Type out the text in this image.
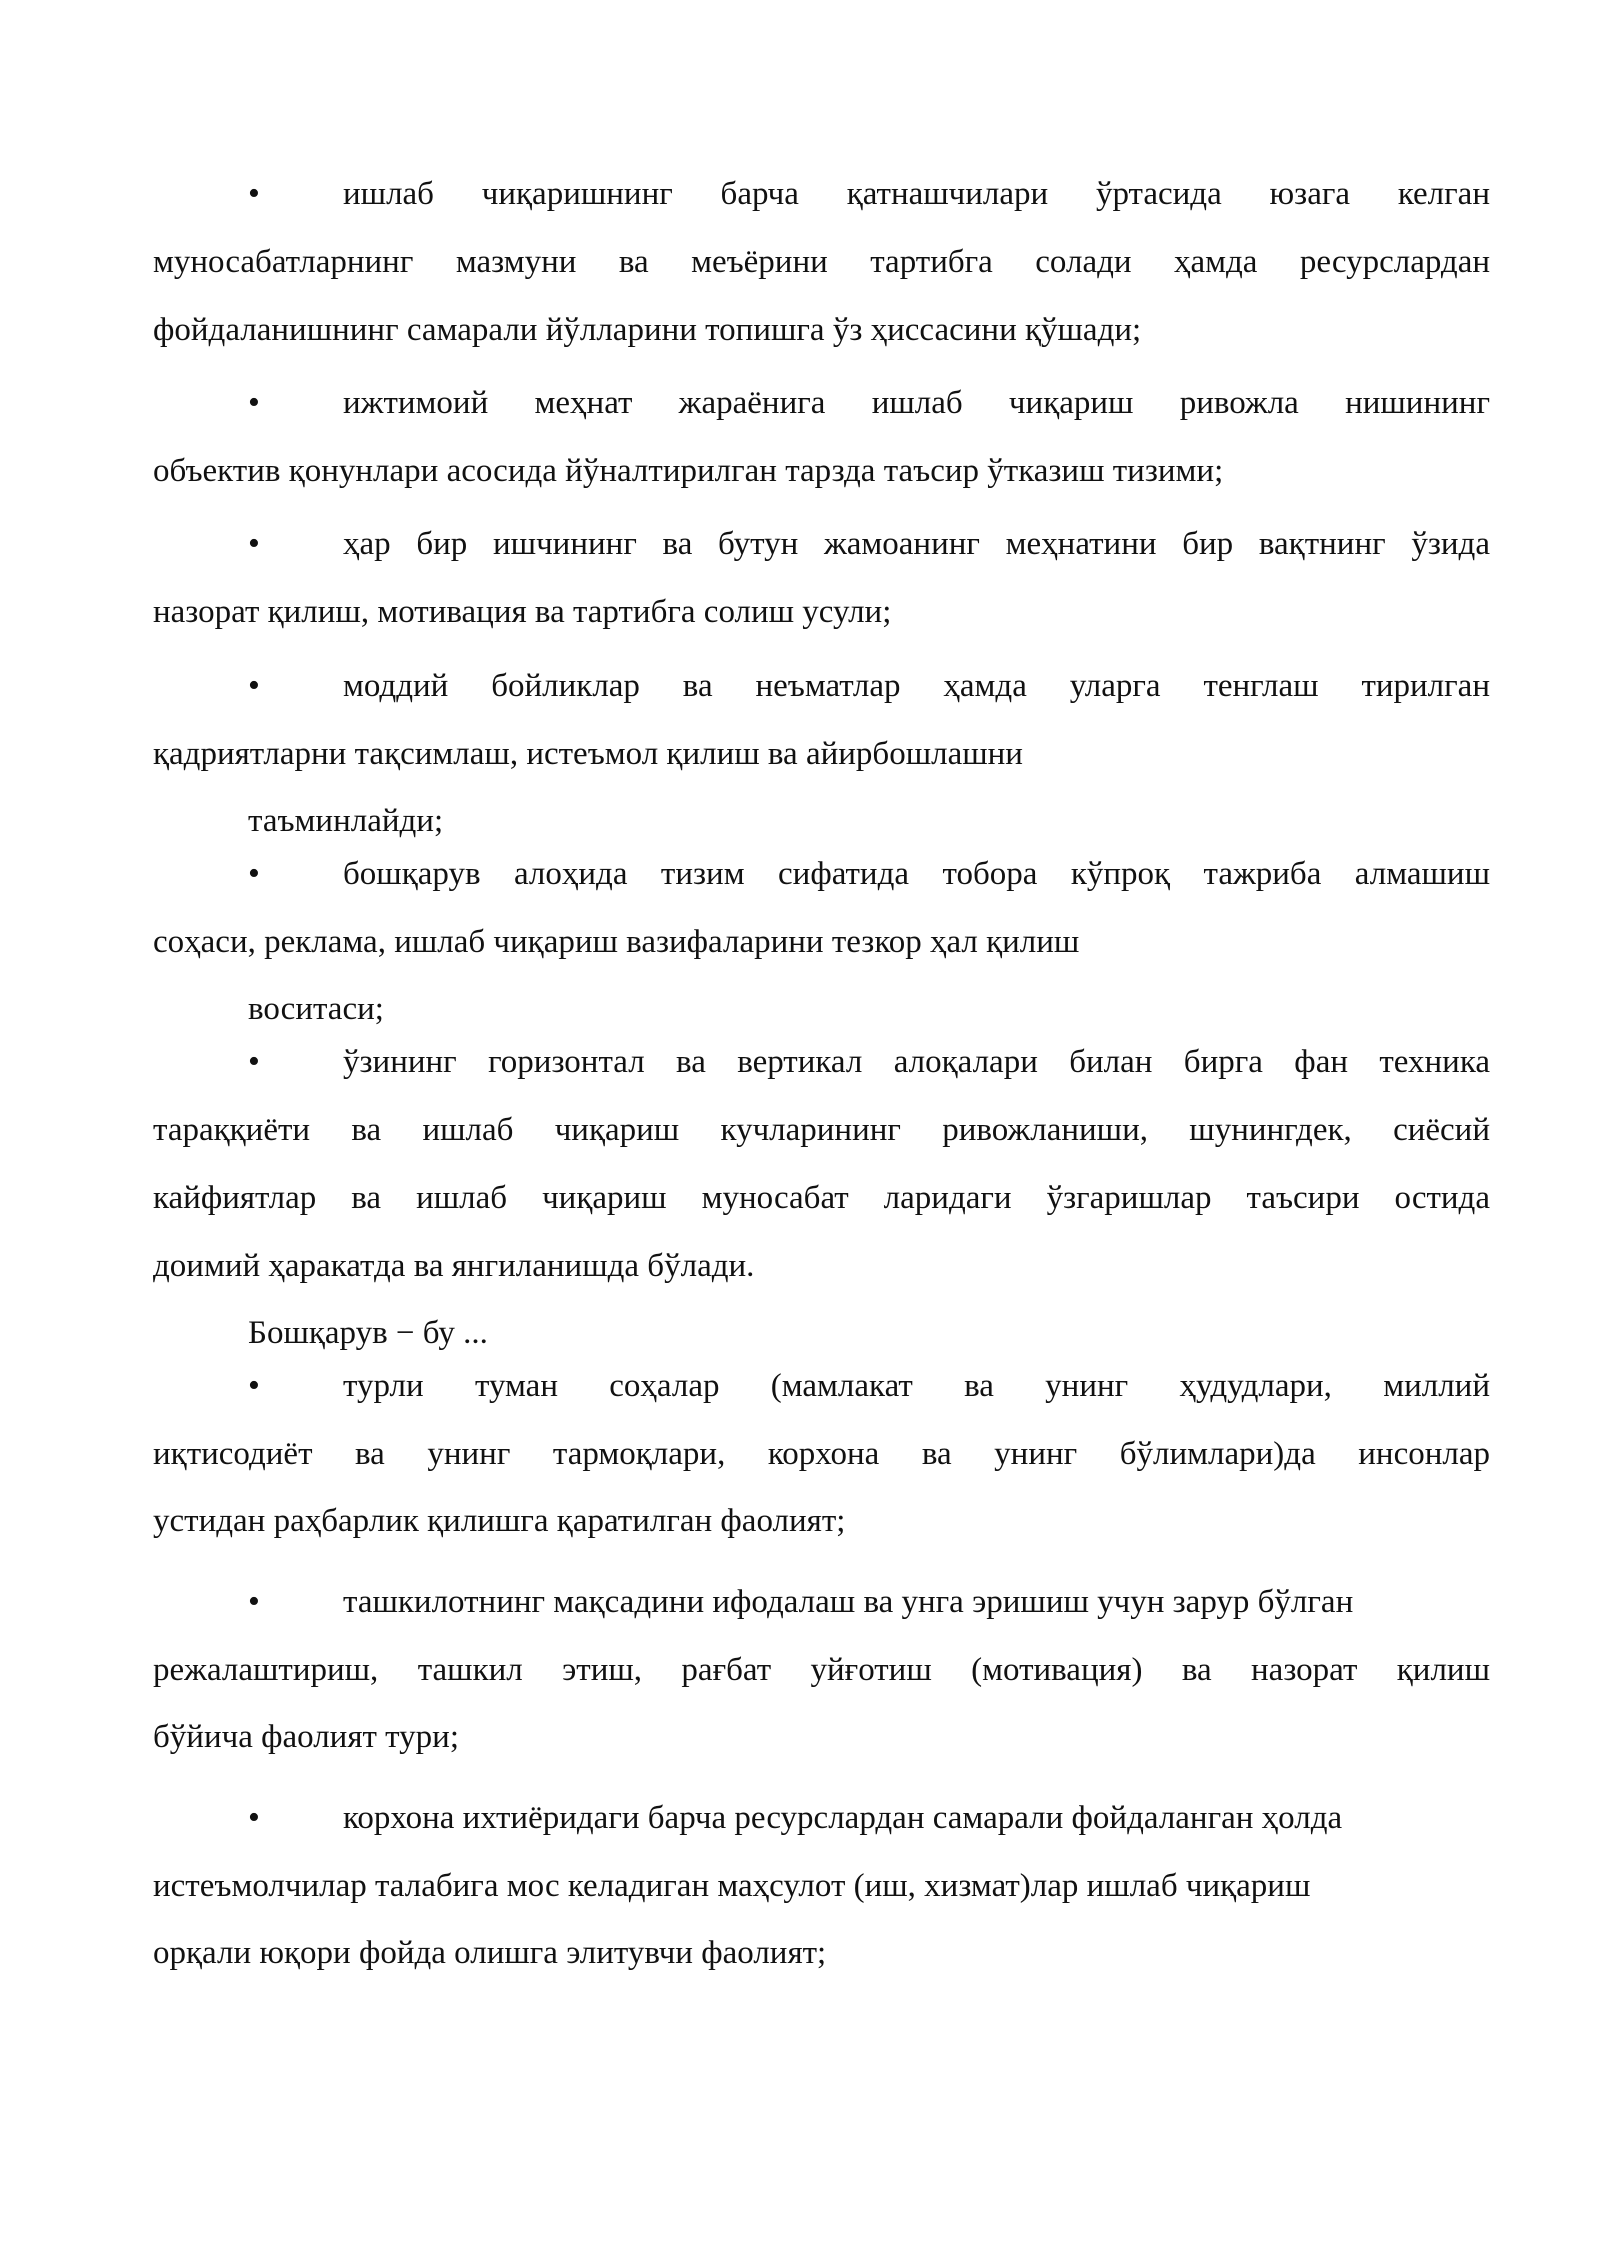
•	ишлаб чиқаришнинг барча қатнашчилари ўртасида юзага келган
муносабатларнинг мазмуни ва меъёрини тартибга солади ҳамда ресурслардан
фойдаланишнинг самарали йўлларини топишга ўз ҳиссасини қўшади;
•	ижтимоий меҳнат жараёнига ишлаб чиқариш ривожла нишининг
объектив қонунлари асосида йўналтирилган тарзда таъсир ўтказиш тизими;
•	ҳар бир ишчининг ва бутун жамоанинг меҳнатини бир вақтнинг ўзида
назорат қилиш, мотивация ва тартибга солиш усули;
•	моддий бойликлар ва неъматлар ҳамда уларга тенглаш тирилган
қадриятларни тақсимлаш, истеъмол қилиш ва айирбошлашни
таъминлайди;
•	бошқарув алоҳида тизим сифатида тобора кўпроқ тажриба алмашиш
соҳаси, реклама, ишлаб чиқариш вазифаларини тезкор ҳал қилиш
воситаси;
•	ўзининг горизонтал ва вертикал алоқалари билан бирга фан техника
тараққиёти ва ишлаб чиқариш кучларининг ривожланиши, шунингдек, сиёсий
кайфиятлар ва ишлаб чиқариш муносабат ларидаги ўзгаришлар таъсири остида
доимий ҳаракатда ва янгиланишда бўлади.
Бошқарув − бу ...
•	турли туман соҳалар (мамлакат ва унинг ҳудудлари, миллий
иқтисодиёт ва унинг тармоқлари, корхона ва унинг бўлимлари)да инсонлар
устидан раҳбарлик қилишга қаратилган фаолият;
•	ташкилотнинг мақсадини ифодалаш ва унга эришиш учун зарур бўлган
режалаштириш, ташкил этиш, рағбат уйғотиш (мотивация) ва назорат қилиш
бўйича фаолият тури;
•	корхона ихтиёридаги барча ресурслардан самарали фойдаланган ҳолда
истеъмолчилар талабига мос келадиган маҳсулот (иш, хизмат)лар ишлаб чиқариш
орқали юқори фойда олишга элитувчи фаолият;
